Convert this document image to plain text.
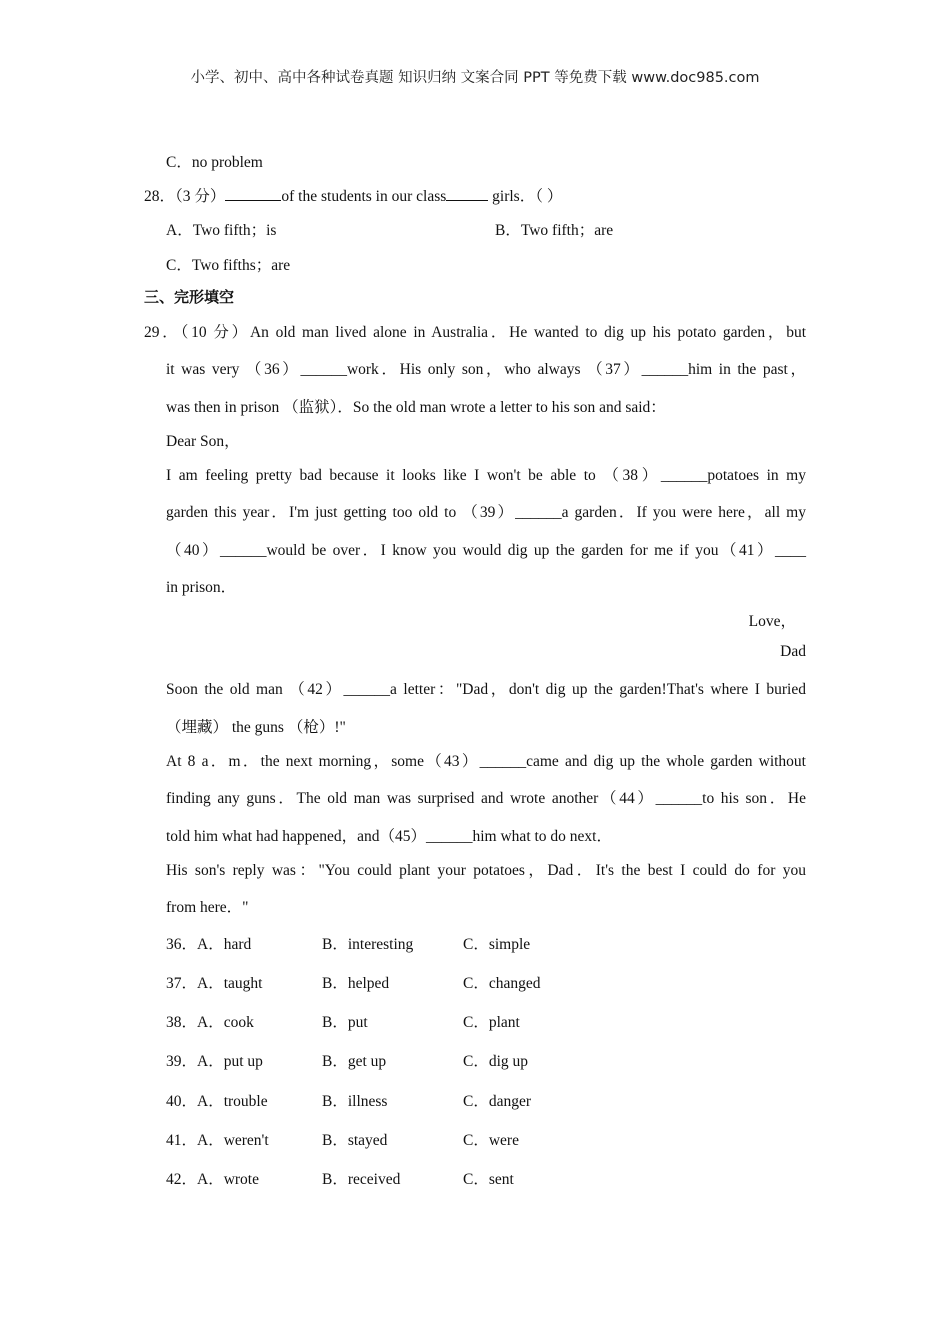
小学、初中、高中各种试卷真题 知识归纳 文案合同 PPT 等免费下载 www.doc985.com
C．no problem
28．（3 分）	of the students in our class	girls．（ ）
A．Two fifth；is	B．Two fifth；are
C．Two fifths；are
三、完形填空
29．（10 分）An old man lived alone in Australia．He wanted to dig up his potato garden，but
it was very （36）______work．His only son，who always （37）______him in the past，
was then in prison （监狱）．So the old man wrote a letter to his son and said：
Dear Son，
I am feeling pretty bad because it looks like I won't be able to （38）______potatoes in my
garden this year．I'm just getting too old to （39）______a garden．If you were here，all my
（40）______would be over．I know you would dig up the garden for me if you（41）____
in prison．
Love，
Dad
Soon the old man （42）______a letter："Dad，don't dig up the garden!That's where I buried
（埋藏） the guns （枪）!"
At 8 a．m．the next morning，some（43）______came and dig up the whole garden without
finding any guns．The old man was surprised and wrote another（44）______to his son．He
told him what had happened，and（45）______him what to do next．
His son's reply was："You could plant your potatoes，Dad．It's the best I could do for you
from here．"
36．A．hard	B．interesting	C．simple
37．A．taught	B．helped	C．changed
38．A．cook	B．put	C．plant
39．A．put up	B．get up	C．dig up
40．A．trouble	B．illness	C．danger
41．A．weren't	B．stayed	C．were
42．A．wrote	B．received	C．sent
